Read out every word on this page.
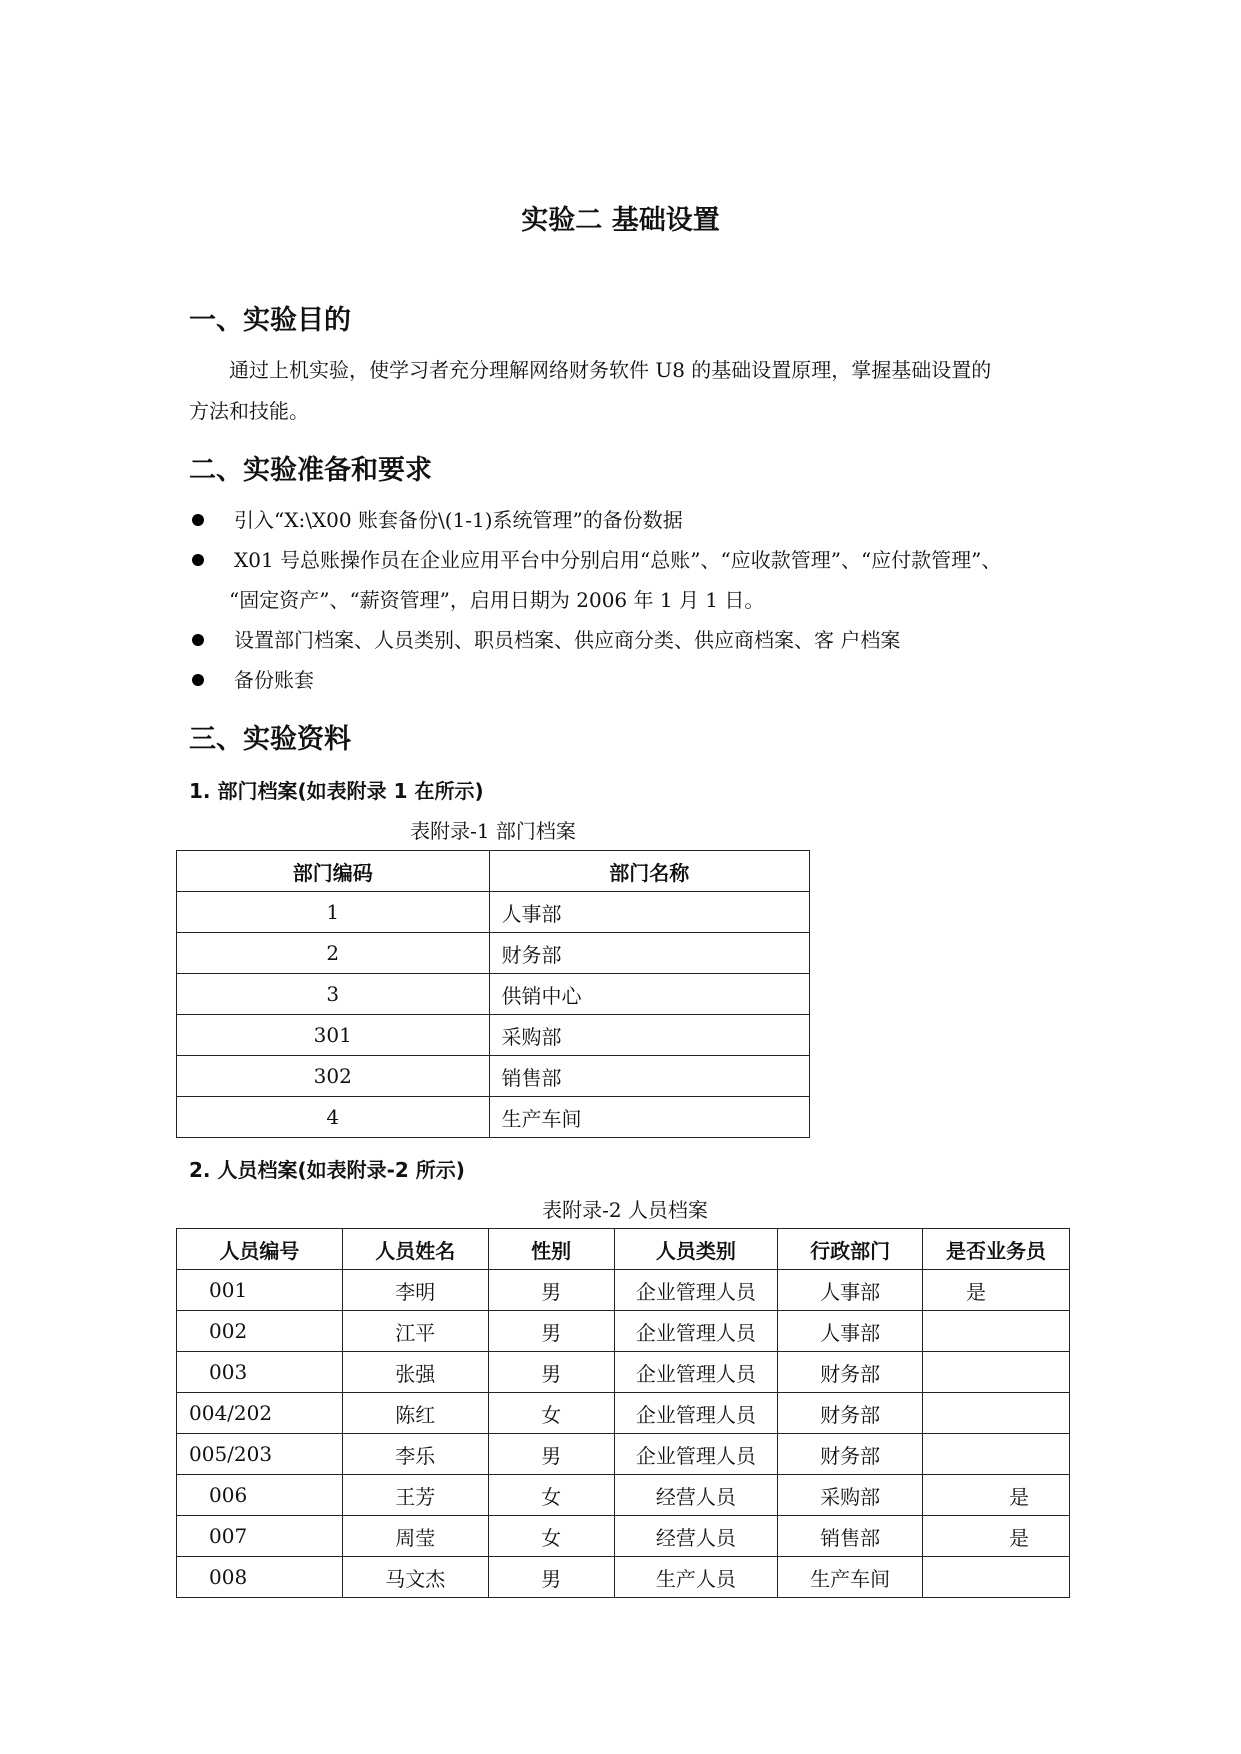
实验二 基础设置
一、实验目的
通过上机实验，使学习者充分理解网络财务软件 U8 的基础设置原理，掌握基础设置的
方法和技能。
二、实验准备和要求
引入“X:\X00 账套备份\(1-1)系统管理”的备份数据
X01 号总账操作员在企业应用平台中分别启用“总账”、“应收款管理”、“应付款管理”、
“固定资产”、“薪资管理”，启用日期为 2006 年 1 月 1 日。
设置部门档案、人员类别、职员档案、供应商分类、供应商档案、客 户档案
备份账套
三、实验资料
1. 部门档案(如表附录 1 在所示)
表附录-1 部门档案
部门编码	部门名称
1	人事部
2	财务部
3	供销中心
301	采购部
302	销售部
4	生产车间
2. 人员档案(如表附录-2 所示)
表附录-2 人员档案
人员编号	人员姓名	性别	人员类别	行政部门	是否业务员
001	李明	男	企业管理人员	人事部	是
002	江平	男	企业管理人员	人事部	
003	张强	男	企业管理人员	财务部	
004/202	陈红	女	企业管理人员	财务部	
005/203	李乐	男	企业管理人员	财务部	
006	王芳	女	经营人员	采购部	是
007	周莹	女	经营人员	销售部	是
008	马文杰	男	生产人员	生产车间	
